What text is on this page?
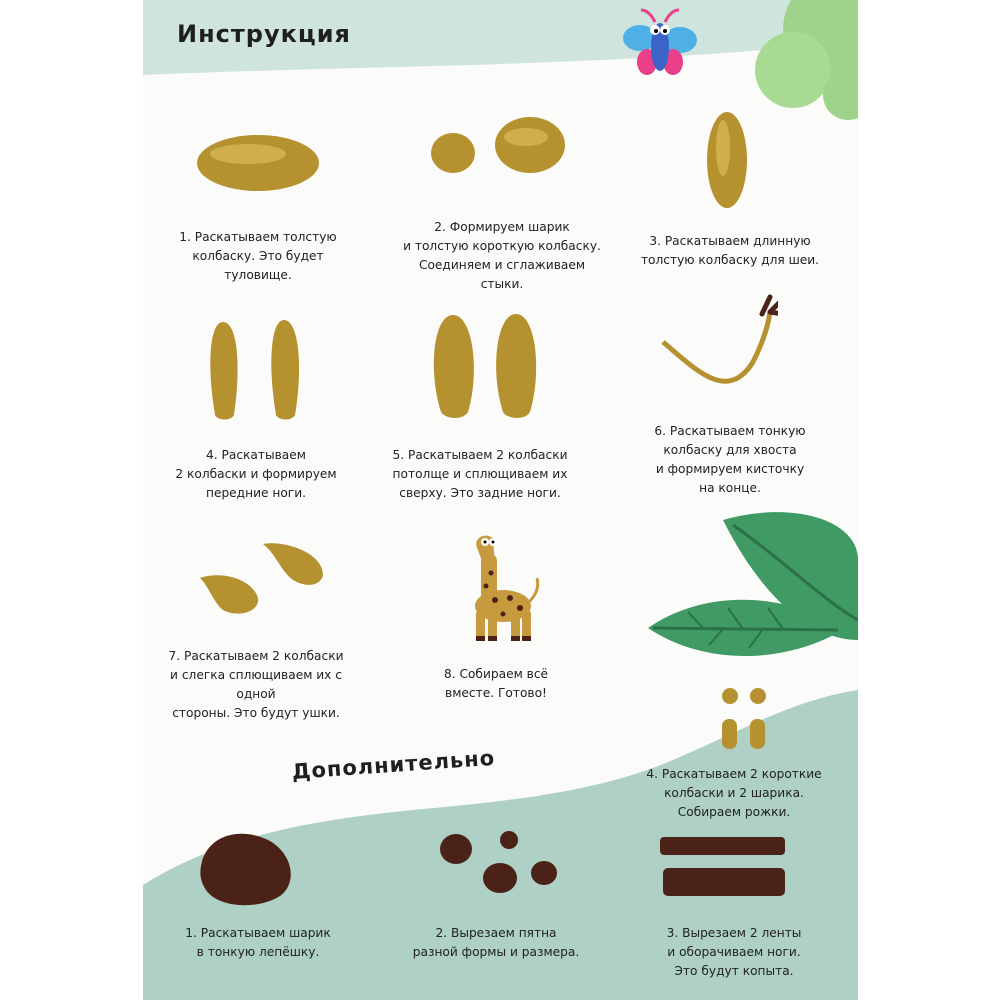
Инструкция
Дополнительно
1. Раскатываем толстую
колбаску. Это будет
туловище.
2. Формируем шарик
и толстую короткую колбаску.
Соединяем и сглаживаем
стыки.
3. Раскатываем длинную
толстую колбаску для шеи.
4. Раскатываем
2 колбаски и формируем
передние ноги.
5. Раскатываем 2 колбаски
потолще и сплющиваем их
сверху. Это задние ноги.
6. Раскатываем тонкую
колбаску для хвоста
и формируем кисточку
на конце.
7. Раскатываем 2 колбаски
и слегка сплющиваем их с одной
стороны. Это будут ушки.
8. Собираем всё
вместе. Готово!
1. Раскатываем шарик
в тонкую лепёшку.
2. Вырезаем пятна
разной формы и размера.
3. Вырезаем 2 ленты
и оборачиваем ноги.
Это будут копыта.
4. Раскатываем 2 короткие
колбаски и 2 шарика.
Собираем рожки.
